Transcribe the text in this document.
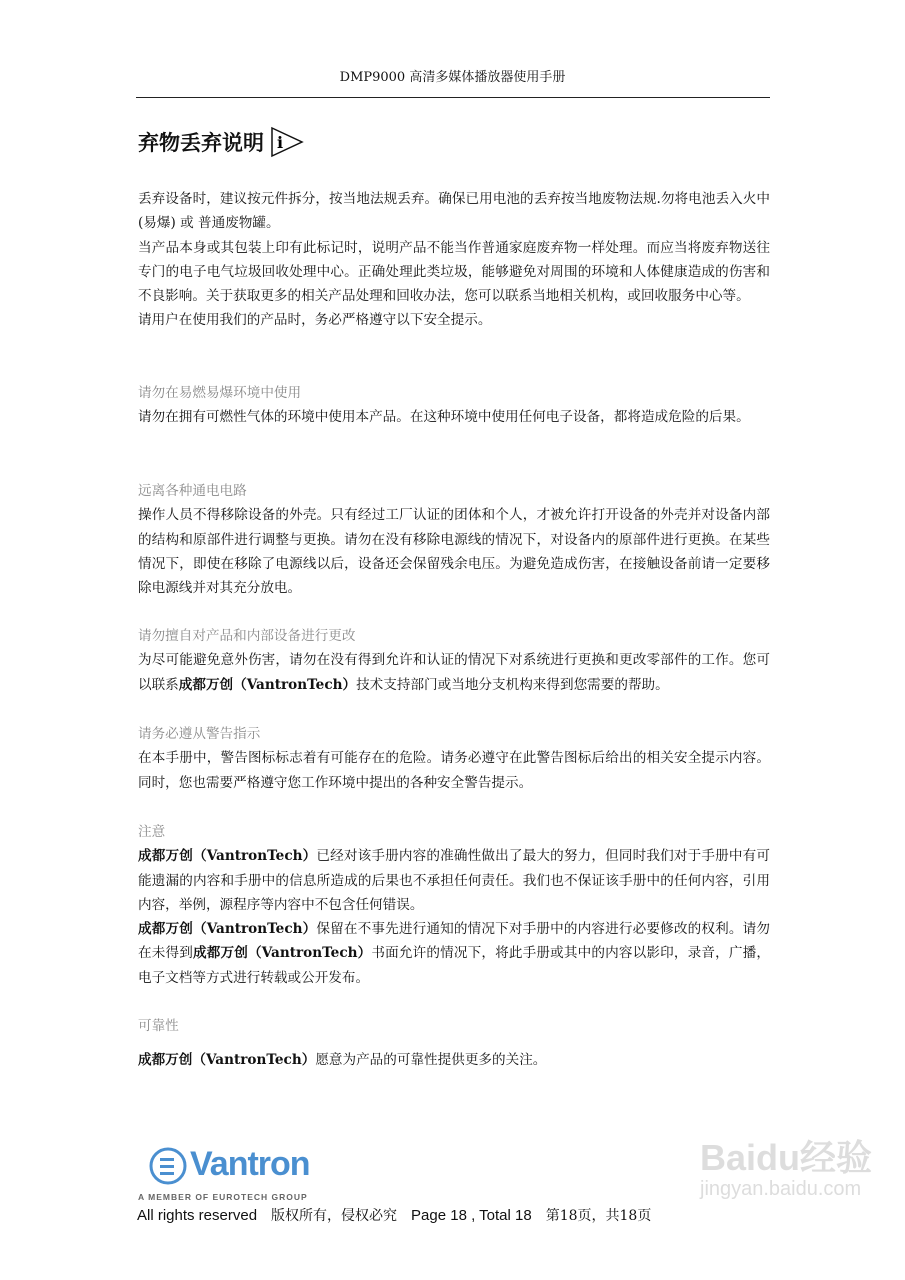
DMP9000 高清多媒体播放器使用手册
弃物丢弃说明 i

丢弃设备时，建议按元件拆分，按当地法规丢弃。确保已用电池的丢弃按当地废物法规.勿将电池丢入火中 (易爆) 或 普通废物罐。

当产品本身或其包装上印有此标记时，说明产品不能当作普通家庭废弃物一样处理。而应当将废弃物送往专门的电子电气垃圾回收处理中心。正确处理此类垃圾，能够避免对周围的环境和人体健康造成的伤害和不良影响。关于获取更多的相关产品处理和回收办法，您可以联系当地相关机构，或回收服务中心等。

请用户在使用我们的产品时，务必严格遵守以下安全提示。

请勿在易燃易爆环境中使用

请勿在拥有可燃性气体的环境中使用本产品。在这种环境中使用任何电子设备，都将造成危险的后果。

远离各种通电电路

操作人员不得移除设备的外壳。只有经过工厂认证的团体和个人，才被允许打开设备的外壳并对设备内部的结构和原部件进行调整与更换。请勿在没有移除电源线的情况下，对设备内的原部件进行更换。在某些情况下，即使在移除了电源线以后，设备还会保留残余电压。为避免造成伤害，在接触设备前请一定要移除电源线并对其充分放电。

请勿擅自对产品和内部设备进行更改

为尽可能避免意外伤害，请勿在没有得到允许和认证的情况下对系统进行更换和更改零部件的工作。您可以联系成都万创（VantronTech）技术支持部门或当地分支机构来得到您需要的帮助。

请务必遵从警告指示

在本手册中，警告图标标志着有可能存在的危险。请务必遵守在此警告图标后给出的相关安全提示内容。同时，您也需要严格遵守您工作环境中提出的各种安全警告提示。

注意

成都万创（VantronTech）已经对该手册内容的准确性做出了最大的努力，但同时我们对于手册中有可能遗漏的内容和手册中的信息所造成的后果也不承担任何责任。我们也不保证该手册中的任何内容，引用内容，举例，源程序等内容中不包含任何错误。

成都万创（VantronTech）保留在不事先进行通知的情况下对手册中的内容进行必要修改的权利。请勿在未得到成都万创（VantronTech）书面允许的情况下，将此手册或其中的内容以影印，录音，广播，电子文档等方式进行转载或公开发布。

可靠性

成都万创（VantronTech）愿意为产品的可靠性提供更多的关注。

Vantron
A MEMBER OF EUROTECH GROUP
Baidu经验
jingyan.baidu.com
All rights reserved 版权所有，侵权必究 Page 18 , Total 18 第18页，共18页
